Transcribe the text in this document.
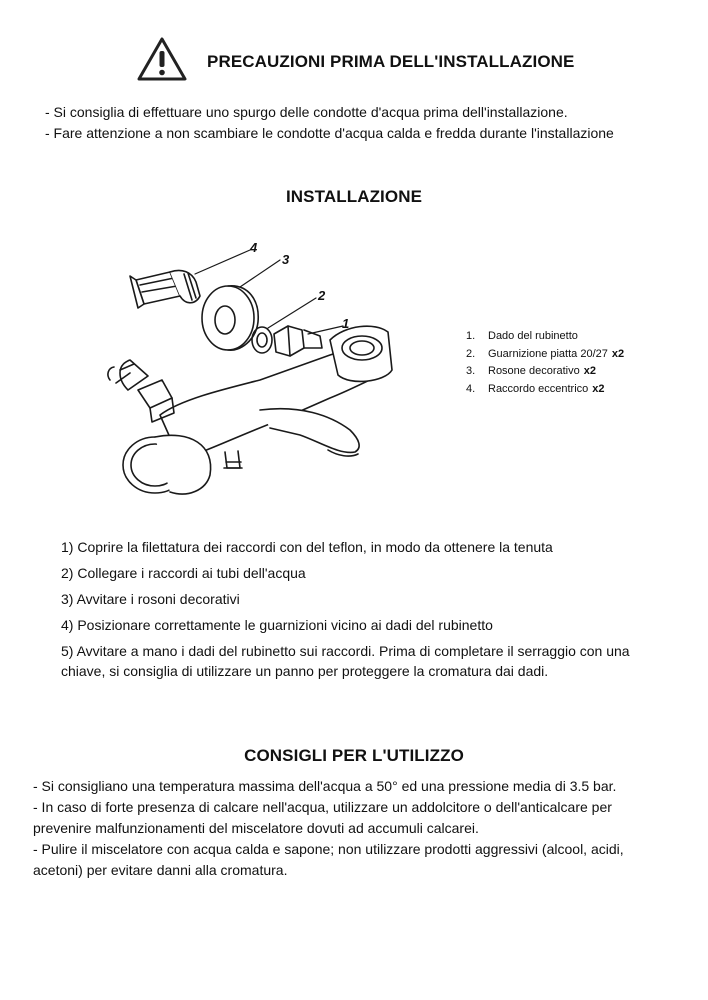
PRECAUZIONI PRIMA DELL'INSTALLAZIONE
- Si consiglia di effettuare uno spurgo delle condotte d'acqua prima dell'installazione.
- Fare attenzione a non scambiare le condotte d'acqua calda e fredda durante l'installazione
INSTALLAZIONE
4
3
2
1
1. Dado del rubinetto
2. Guarnizione piatta 20/27 x2
3. Rosone decorativo x2
4. Raccordo eccentrico x2
1) Coprire la filettatura dei raccordi con del teflon, in modo da ottenere la tenuta
2) Collegare i raccordi ai tubi dell'acqua
3) Avvitare i rosoni decorativi
4) Posizionare correttamente le guarnizioni vicino ai dadi del rubinetto
5) Avvitare a mano i dadi del rubinetto sui raccordi. Prima di completare il serraggio con una chiave, si consiglia di utilizzare un panno per proteggere la cromatura dai dadi.
CONSIGLI PER L'UTILIZZO
- Si consigliano una temperatura massima dell'acqua a 50° ed una pressione media di 3.5 bar.
- In caso di forte presenza di calcare nell'acqua, utilizzare un addolcitore o dell'anticalcare per prevenire malfunzionamenti del miscelatore dovuti ad accumuli calcarei.
- Pulire il miscelatore con acqua calda e sapone; non utilizzare prodotti aggressivi (alcool, acidi, acetoni) per evitare danni alla cromatura.
